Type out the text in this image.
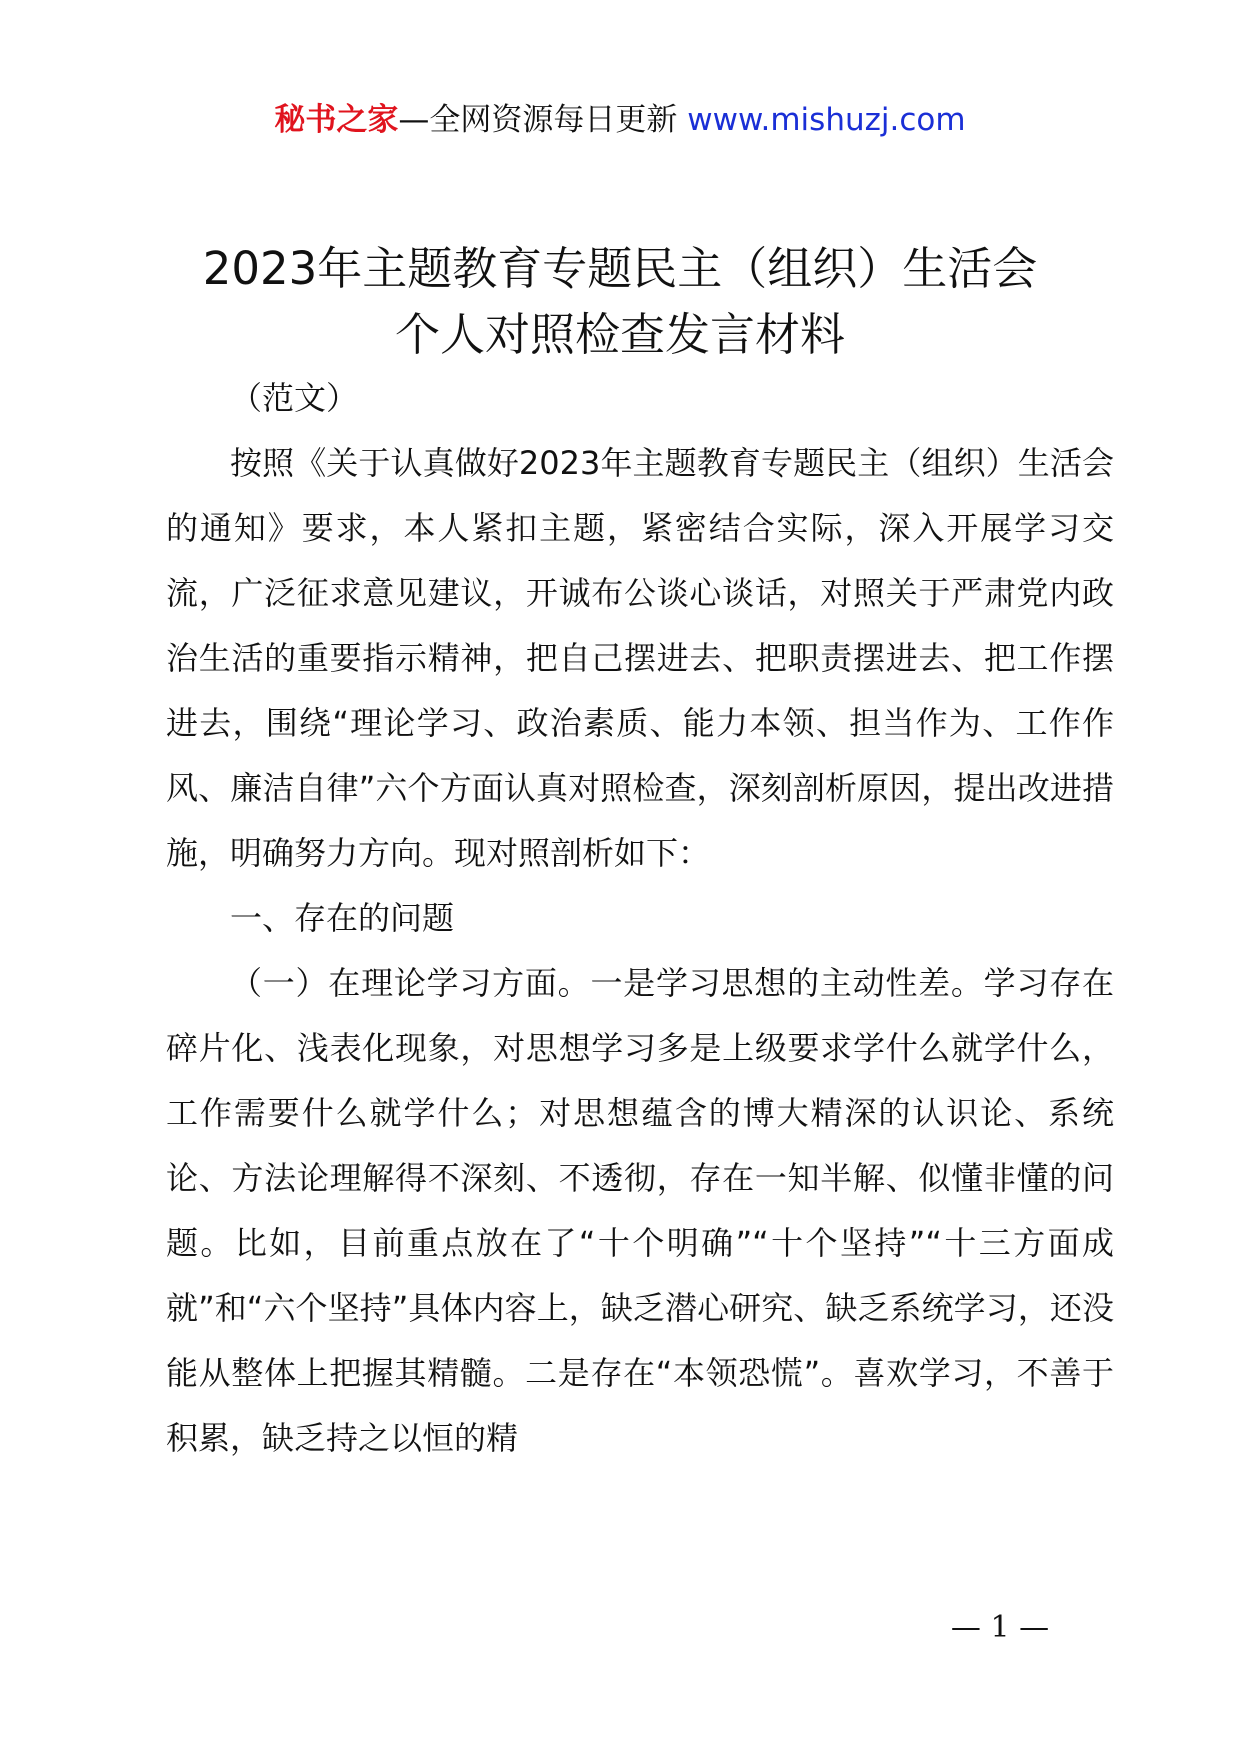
秘书之家—全网资源每日更新 www.mishuzj.com
2023年主题教育专题民主（组织）生活会
个人对照检查发言材料
（范文）

按照《关于认真做好2023年主题教育专题民主（组织）生活会的通知》要求，本人紧扣主题，紧密结合实际，深入开展学习交流，广泛征求意见建议，开诚布公谈心谈话，对照关于严肃党内政治生活的重要指示精神，把自己摆进去、把职责摆进去、把工作摆进去，围绕“理论学习、政治素质、能力本领、担当作为、工作作风、廉洁自律”六个方面认真对照检查，深刻剖析原因，提出改进措施，明确努力方向。现对照剖析如下：

一、存在的问题

（一）在理论学习方面。一是学习思想的主动性差。学习存在碎片化、浅表化现象，对思想学习多是上级要求学什么就学什么，工作需要什么就学什么；对思想蕴含的博大精深的认识论、系统论、方法论理解得不深刻、不透彻，存在一知半解、似懂非懂的问题。比如，目前重点放在了“十个明确”“十个坚持”“十三方面成就”和“六个坚持”具体内容上，缺乏潜心研究、缺乏系统学习，还没能从整体上把握其精髓。二是存在“本领恐慌”。喜欢学习，不善于积累，缺乏持之以恒的精

— 1 —
